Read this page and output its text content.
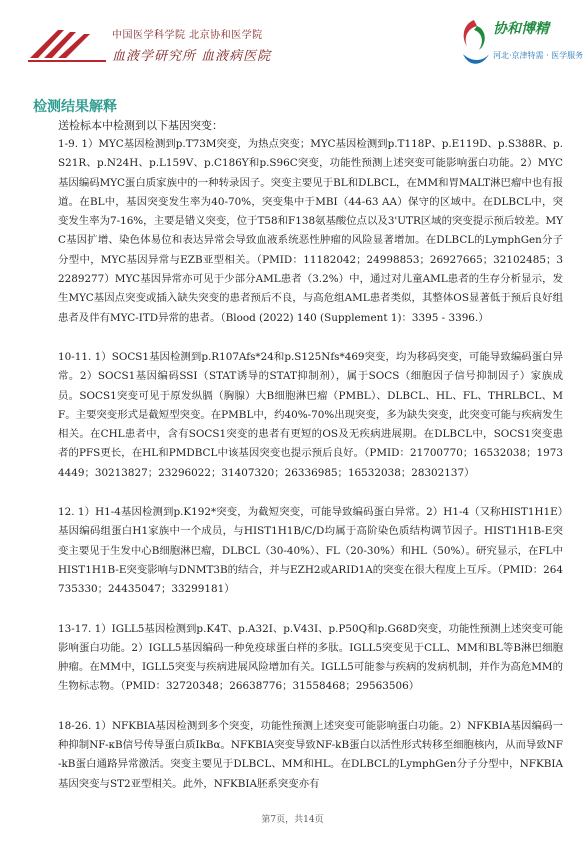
中国医学科学院 北京协和医学院
血液学研究所 血液病医院
协和博精
河北·京津特需 · 医学服务
检测结果解释

送检标本中检测到以下基因突变：

1-9. 1）MYC基因检测到p.T73M突变，为热点突变；MYC基因检测到p.T118P、p.E119D、p.S388R、p.S21R、p.N24H、p.L159V、p.C186Y和p.S96C突变，功能性预测上述突变可能影响蛋白功能。2）MYC基因编码MYC蛋白质家族中的一种转录因子。突变主要见于BL和DLBCL，在MM和胃MALT淋巴瘤中也有报道。在BL中，基因突变发生率为40-70%，突变集中于MBI（44-63 AA）保守的区域中。在DLBCL中，突变发生率为7-16%，主要是错义突变，位于T58和F138氨基酸位点以及3'UTR区域的突变提示预后较差。MYC基因扩增、染色体易位和表达异常会导致血液系统恶性肿瘤的风险显著增加。在DLBCL的LymphGen分子分型中，MYC基因异常与EZB亚型相关。（PMID：11182042；24998853；26927665；32102485；32289277）MYC基因异常亦可见于少部分AML患者（3.2%）中，通过对儿童AML患者的生存分析显示，发生MYC基因点突变或插入缺失突变的患者预后不良，与高危组AML患者类似，其整体OS显著低于预后良好组患者及伴有MYC-ITD异常的患者。（Blood (2022) 140 (Supplement 1)：3395 - 3396.）

10-11. 1）SOCS1基因检测到p.R107Afs*24和p.S125Nfs*469突变，均为移码突变，可能导致编码蛋白异常。2）SOCS1基因编码SSI（STAT诱导的STAT抑制剂），属于SOCS（细胞因子信号抑制因子）家族成员。SOCS1突变可见于原发纵膈（胸腺）大B细胞淋巴瘤（PMBL）、DLBCL、HL、FL、THRLBCL、MF。主要突变形式是截短型突变。在PMBL中，约40%-70%出现突变，多为缺失突变，此突变可能与疾病发生相关。在CHL患者中，含有SOCS1突变的患者有更短的OS及无疾病进展期。在DLBCL中，SOCS1突变患者的PFS更长，在HL和PMDBCL中该基因突变也提示预后良好。（PMID：21700770；16532038；19734449；30213827；23296022；31407320；26336985；16532038；28302137）

12. 1）H1-4基因检测到p.K192*突变，为截短突变，可能导致编码蛋白异常。2）H1-4（又称HIST1H1E）基因编码组蛋白H1家族中一个成员，与HIST1H1B/C/D均属于高阶染色质结构调节因子。HIST1H1B-E突变主要见于生发中心B细胞淋巴瘤，DLBCL（30-40%）、FL（20-30%）和HL（50%）。研究显示，在FL中HIST1H1B-E突变影响与DNMT3B的结合，并与EZH2或ARID1A的突变在很大程度上互斥。（PMID：264735330；24435047；33299181）

13-17. 1）IGLL5基因检测到p.K4T、p.A32I、p.V43I、p.P50Q和p.G68D突变，功能性预测上述突变可能影响蛋白功能。2）IGLL5基因编码一种免疫球蛋白样的多肽。IGLL5突变见于CLL、MM和BL等B淋巴细胞肿瘤。在MM中，IGLL5突变与疾病进展风险增加有关。IGLL5可能参与疾病的发病机制，并作为高危MM的生物标志物。（PMID：32720348；26638776；31558468；29563506）

18-26. 1）NFKBIA基因检测到多个突变，功能性预测上述突变可能影响蛋白功能。2）NFKBIA基因编码一种抑制NF-κB信号传导蛋白质IkBα。NFKBIA突变导致NF-kB蛋白以活性形式转移至细胞核内，从而导致NF-kB蛋白通路异常激活。突变主要见于DLBCL、MM和HL。在DLBCL的LymphGen分子分型中，NFKBIA基因突变与ST2亚型相关。此外，NFKBIA胚系突变亦有

第7页，共14页
